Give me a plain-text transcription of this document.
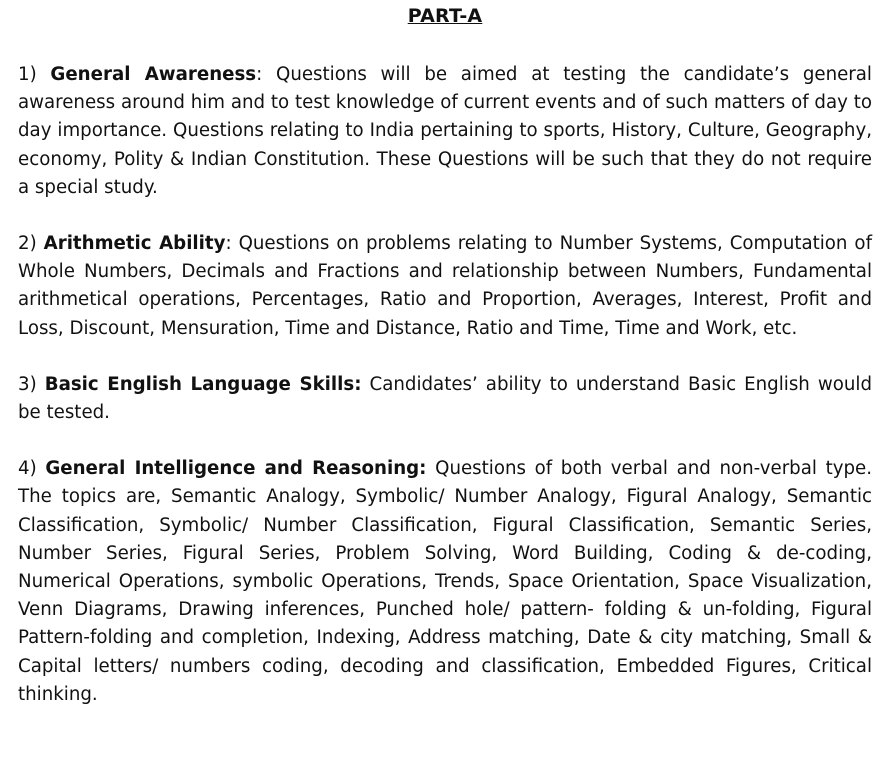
PART-A

1) General Awareness: Questions will be aimed at testing the candidate’s general awareness around him and to test knowledge of current events and of such matters of day to day importance. Questions relating to India pertaining to sports, History, Culture, Geography, economy, Polity & Indian Constitution. These Questions will be such that they do not require a special study.

2) Arithmetic Ability: Questions on problems relating to Number Systems, Computation of Whole Numbers, Decimals and Fractions and relationship between Numbers, Fundamental arithmetical operations, Percentages, Ratio and Proportion, Averages, Interest, Profit and Loss, Discount, Mensuration, Time and Distance, Ratio and Time, Time and Work, etc.

3) Basic English Language Skills: Candidates’ ability to understand Basic English would be tested.

4) General Intelligence and Reasoning: Questions of both verbal and non-verbal type. The topics are, Semantic Analogy, Symbolic/ Number Analogy, Figural Analogy, Semantic Classification, Symbolic/ Number Classification, Figural Classification, Semantic Series, Number Series, Figural Series, Problem Solving, Word Building, Coding & de-coding, Numerical Operations, symbolic Operations, Trends, Space Orientation, Space Visualization, Venn Diagrams, Drawing inferences, Punched hole/ pattern- folding & un-folding, Figural Pattern-folding and completion, Indexing, Address matching, Date & city matching, Small & Capital letters/ numbers coding, decoding and classification, Embedded Figures, Critical thinking.
